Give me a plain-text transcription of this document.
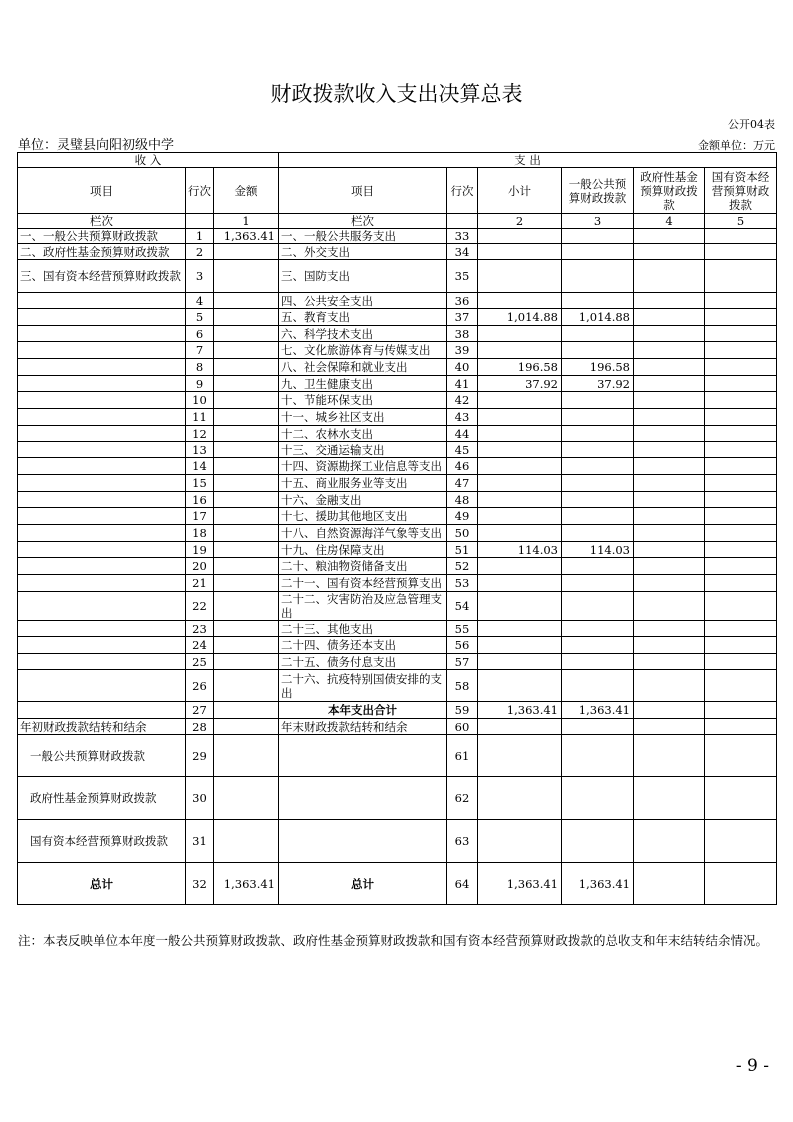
财政拨款收入支出决算总表
公开04表
单位：灵璧县向阳初级中学	金额单位：万元
收 入			支 出					
项目	行次	金额	项目	行次	小计	一般公共预算财政拨款	政府性基金预算财政拨款	国有资本经营预算财政拨款
栏次		1	栏次		2	3	4	5
一、一般公共预算财政拨款	1	1,363.41	一、一般公共服务支出	33				
二、政府性基金预算财政拨款	2		二、外交支出	34				
三、国有资本经营预算财政拨款	3		三、国防支出	35				
	4		四、公共安全支出	36				
	5		五、教育支出	37	1,014.88	1,014.88		
	6		六、科学技术支出	38				
	7		七、文化旅游体育与传媒支出	39				
	8		八、社会保障和就业支出	40	196.58	196.58		
	9		九、卫生健康支出	41	37.92	37.92		
	10		十、节能环保支出	42				
	11		十一、城乡社区支出	43				
	12		十二、农林水支出	44				
	13		十三、交通运输支出	45				
	14		十四、资源勘探工业信息等支出	46				
	15		十五、商业服务业等支出	47				
	16		十六、金融支出	48				
	17		十七、援助其他地区支出	49				
	18		十八、自然资源海洋气象等支出	50				
	19		十九、住房保障支出	51	114.03	114.03		
	20		二十、粮油物资储备支出	52				
	21		二十一、国有资本经营预算支出	53				
	22		二十二、灾害防治及应急管理支出	54				
	23		二十三、其他支出	55				
	24		二十四、债务还本支出	56				
	25		二十五、债务付息支出	57				
	26		二十六、抗疫特别国债安排的支出	58				
	27		本年支出合计	59	1,363.41	1,363.41		
年初财政拨款结转和结余	28		年末财政拨款结转和结余	60				
一般公共预算财政拨款	29			61				
政府性基金预算财政拨款	30			62				
国有资本经营预算财政拨款	31			63				
总计	32	1,363.41	总计	64	1,363.41	1,363.41		
注：本表反映单位本年度一般公共预算财政拨款、政府性基金预算财政拨款和国有资本经营预算财政拨款的总收支和年末结转结余情况。
- 9 -
